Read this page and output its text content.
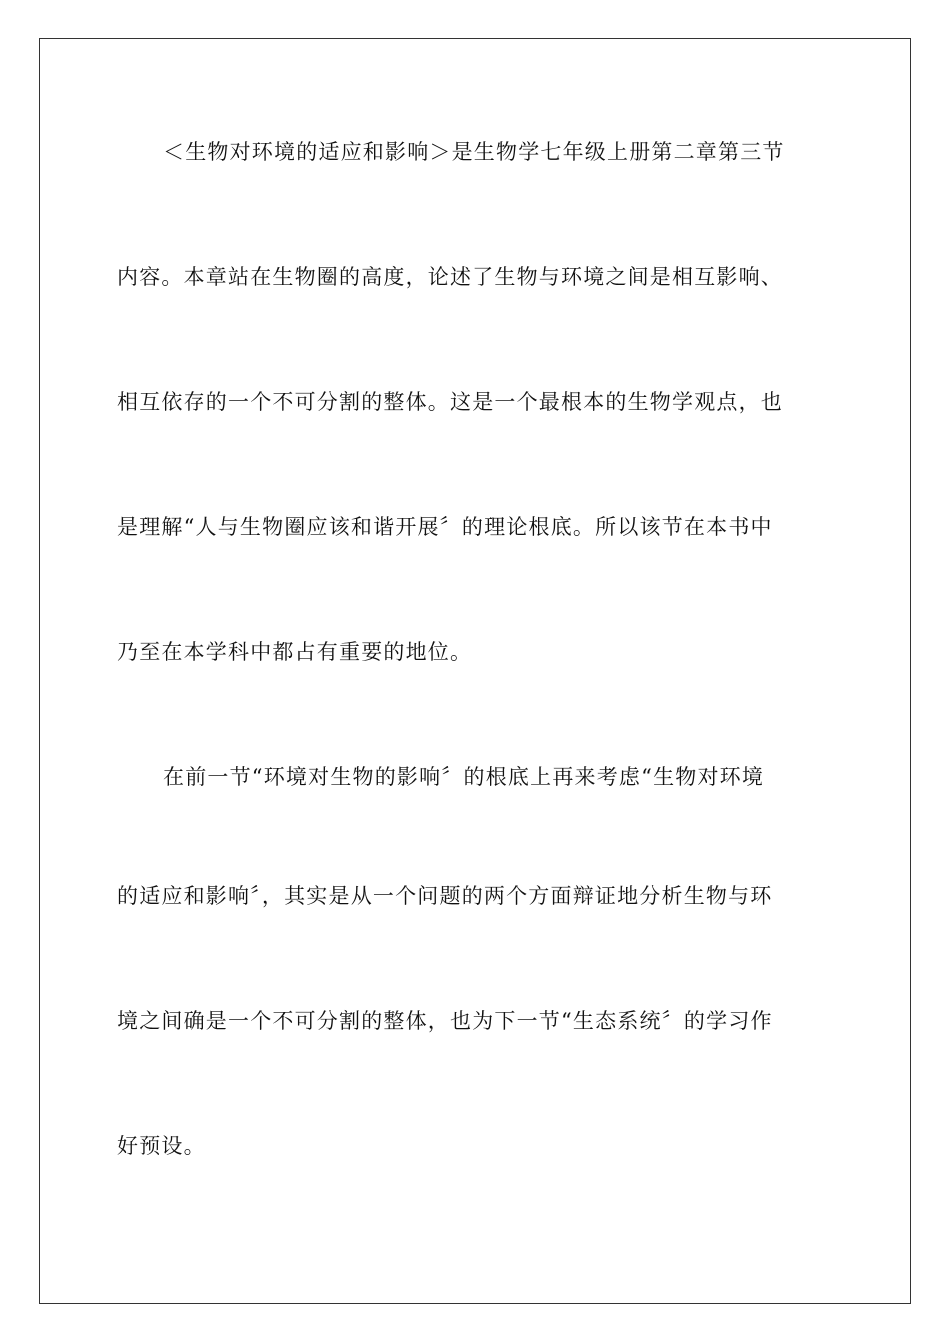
＜生物对环境的适应和影响＞是生物学七年级上册第二章第三节
内容。本章站在生物圈的高度，论述了生物与环境之间是相互影响、
相互依存的一个不可分割的整体。这是一个最根本的生物学观点，也
是理解“人与生物圈应该和谐开展〞的理论根底。所以该节在本书中
乃至在本学科中都占有重要的地位。
在前一节“环境对生物的影响〞的根底上再来考虑“生物对环境
的适应和影响〞，其实是从一个问题的两个方面辩证地分析生物与环
境之间确是一个不可分割的整体，也为下一节“生态系统〞的学习作
好预设。
